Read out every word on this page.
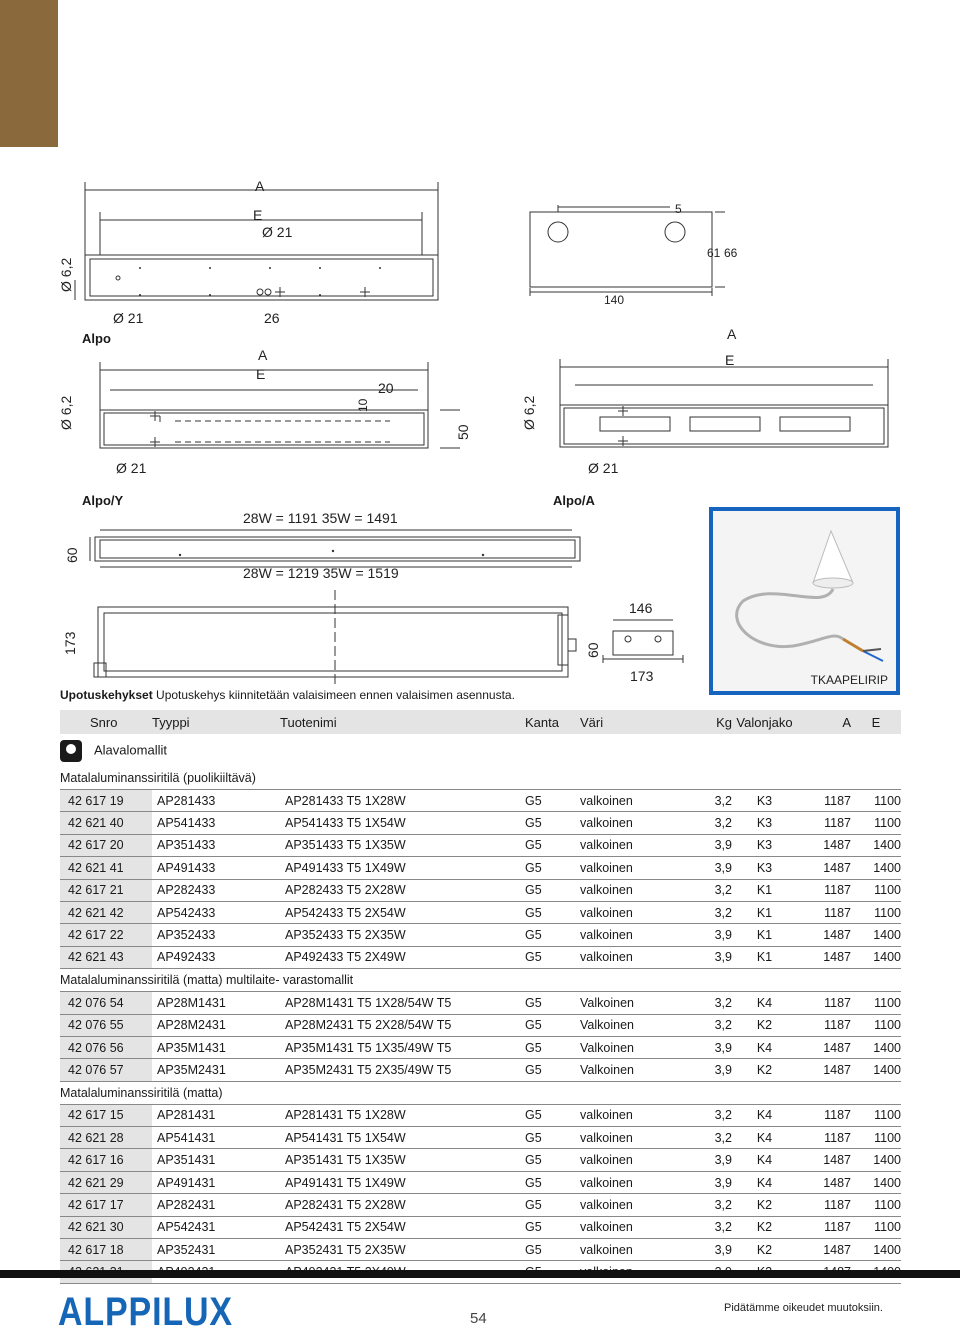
A
E
Ø 21
Ø 6,2
Ø 21	26
Alpo
5
61 66
140
A
E
20
10
50
Ø 6,2
Ø 21
Alpo/Y
A
E
Ø 6,2
Ø 21
Alpo/A
28W = 1191 35W = 1491
28W = 1219 35W = 1519
60
173
146
60
173	TKAAPELIRIP
Upotuskehykset Upotuskehys kiinnitetään valaisimeen ennen valaisimen asennusta.
Snro	Tyyppi	Tuotenimi	Kanta	Väri	Kg	Valonjako	A	E
Alavalomallit								
Matalaluminanssiritilä (puolikiiltävä)								
42 617 19	AP281433	AP281433 T5 1X28W	G5	valkoinen	3,2	K3	1187	1100
42 621 40	AP541433	AP541433 T5 1X54W	G5	valkoinen	3,2	K3	1187	1100
42 617 20	AP351433	AP351433 T5 1X35W	G5	valkoinen	3,9	K3	1487	1400
42 621 41	AP491433	AP491433 T5 1X49W	G5	valkoinen	3,9	K3	1487	1400
42 617 21	AP282433	AP282433 T5 2X28W	G5	valkoinen	3,2	K1	1187	1100
42 621 42	AP542433	AP542433 T5 2X54W	G5	valkoinen	3,2	K1	1187	1100
42 617 22	AP352433	AP352433 T5 2X35W	G5	valkoinen	3,9	K1	1487	1400
42 621 43	AP492433	AP492433 T5 2X49W	G5	valkoinen	3,9	K1	1487	1400
Matalaluminanssiritilä (matta) multilaite- varastomallit								
42 076 54	AP28M1431	AP28M1431 T5 1X28/54W T5	G5	Valkoinen	3,2	K4	1187	1100
42 076 55	AP28M2431	AP28M2431 T5 2X28/54W T5	G5	Valkoinen	3,2	K2	1187	1100
42 076 56	AP35M1431	AP35M1431 T5 1X35/49W T5	G5	Valkoinen	3,9	K4	1487	1400
42 076 57	AP35M2431	AP35M2431 T5 2X35/49W T5	G5	Valkoinen	3,9	K2	1487	1400
Matalaluminanssiritilä (matta)								
42 617 15	AP281431	AP281431 T5 1X28W	G5	valkoinen	3,2	K4	1187	1100
42 621 28	AP541431	AP541431 T5 1X54W	G5	valkoinen	3,2	K4	1187	1100
42 617 16	AP351431	AP351431 T5 1X35W	G5	valkoinen	3,9	K4	1487	1400
42 621 29	AP491431	AP491431 T5 1X49W	G5	valkoinen	3,9	K4	1487	1400
42 617 17	AP282431	AP282431 T5 2X28W	G5	valkoinen	3,2	K2	1187	1100
42 621 30	AP542431	AP542431 T5 2X54W	G5	valkoinen	3,2	K2	1187	1100
42 617 18	AP352431	AP352431 T5 2X35W	G5	valkoinen	3,9	K2	1487	1400

ALPPILUX	54
Pidätämme oikeudet muutoksiin.
